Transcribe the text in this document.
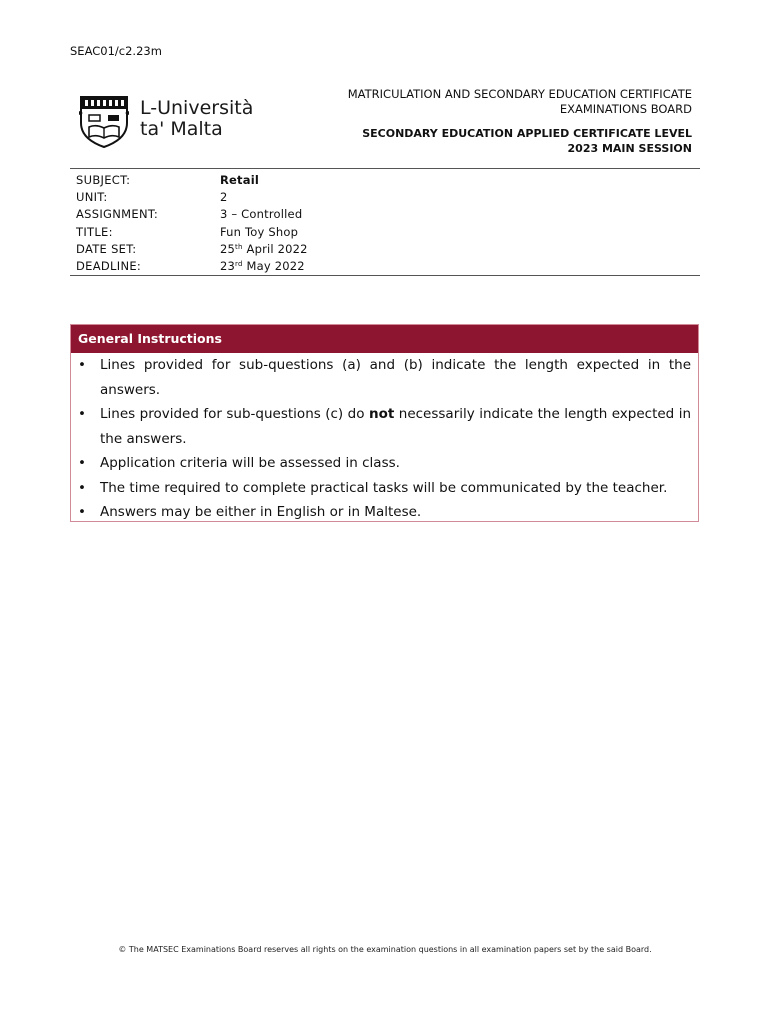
SEAC01/c2.23m
L-Università
ta' Malta
MATRICULATION AND SECONDARY EDUCATION CERTIFICATE
EXAMINATIONS BOARD
SECONDARY EDUCATION APPLIED CERTIFICATE LEVEL
2023 MAIN SESSION
SUBJECT:	Retail
UNIT:	2
ASSIGNMENT:	3 – Controlled
TITLE:	Fun Toy Shop
DATE SET:	25th April 2022
DEADLINE:	23rd May 2022
General Instructions
• Lines provided for sub-questions (a) and (b) indicate the length expected in the answers.
• Lines provided for sub-questions (c) do not necessarily indicate the length expected in the answers.
• Application criteria will be assessed in class.
• The time required to complete practical tasks will be communicated by the teacher.
• Answers may be either in English or in Maltese.
© The MATSEC Examinations Board reserves all rights on the examination questions in all examination papers set by the said Board.
